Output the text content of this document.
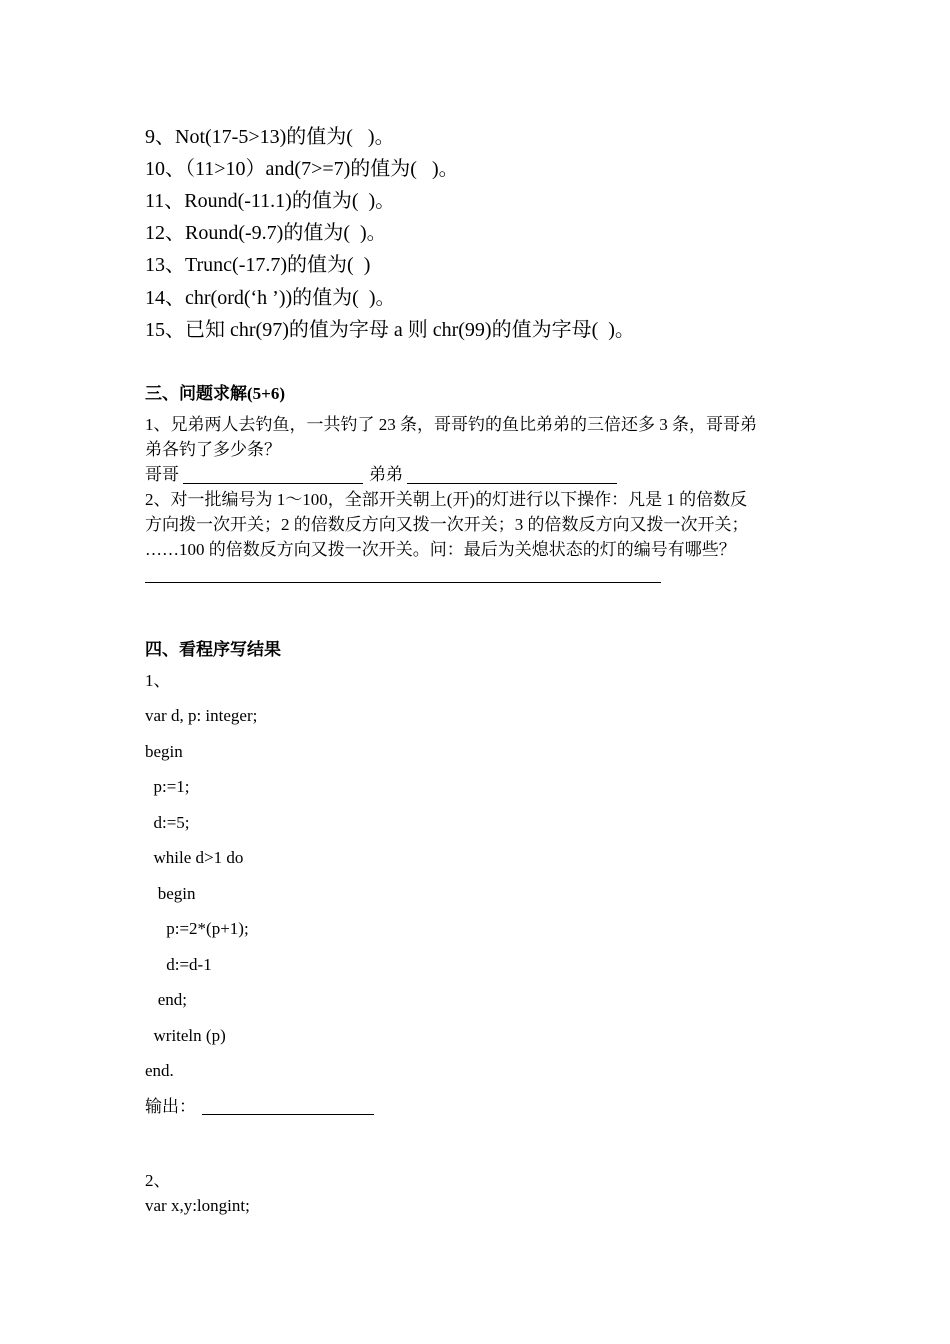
9、Not(17-5>13)的值为(   )。
10、（11>10）and(7>=7)的值为(   )。
11、Round(-11.1)的值为(  )。
12、Round(-9.7)的值为(  )。
13、Trunc(-17.7)的值为(  )
14、chr(ord(‘h ’))的值为(  )。
15、已知 chr(97)的值为字母 a 则 chr(99)的值为字母(  )。
三、问题求解(5+6)
1、兄弟两人去钓鱼，一共钓了 23 条，哥哥钓的鱼比弟弟的三倍还多 3 条，哥哥弟
弟各钓了多少条？
哥哥	弟弟
2、对一批编号为 1～100，全部开关朝上(开)的灯进行以下操作：凡是 1 的倍数反
方向拨一次开关；2 的倍数反方向又拨一次开关；3 的倍数反方向又拨一次开关；
……100 的倍数反方向又拨一次开关。问：最后为关熄状态的灯的编号有哪些？
四、看程序写结果
1、
var d, p: integer;
begin
p:=1;
d:=5;
while d>1 do
begin
p:=2*(p+1);
d:=d-1
end;
writeln (p)
end.
输出：
2、
var x,y:longint;
